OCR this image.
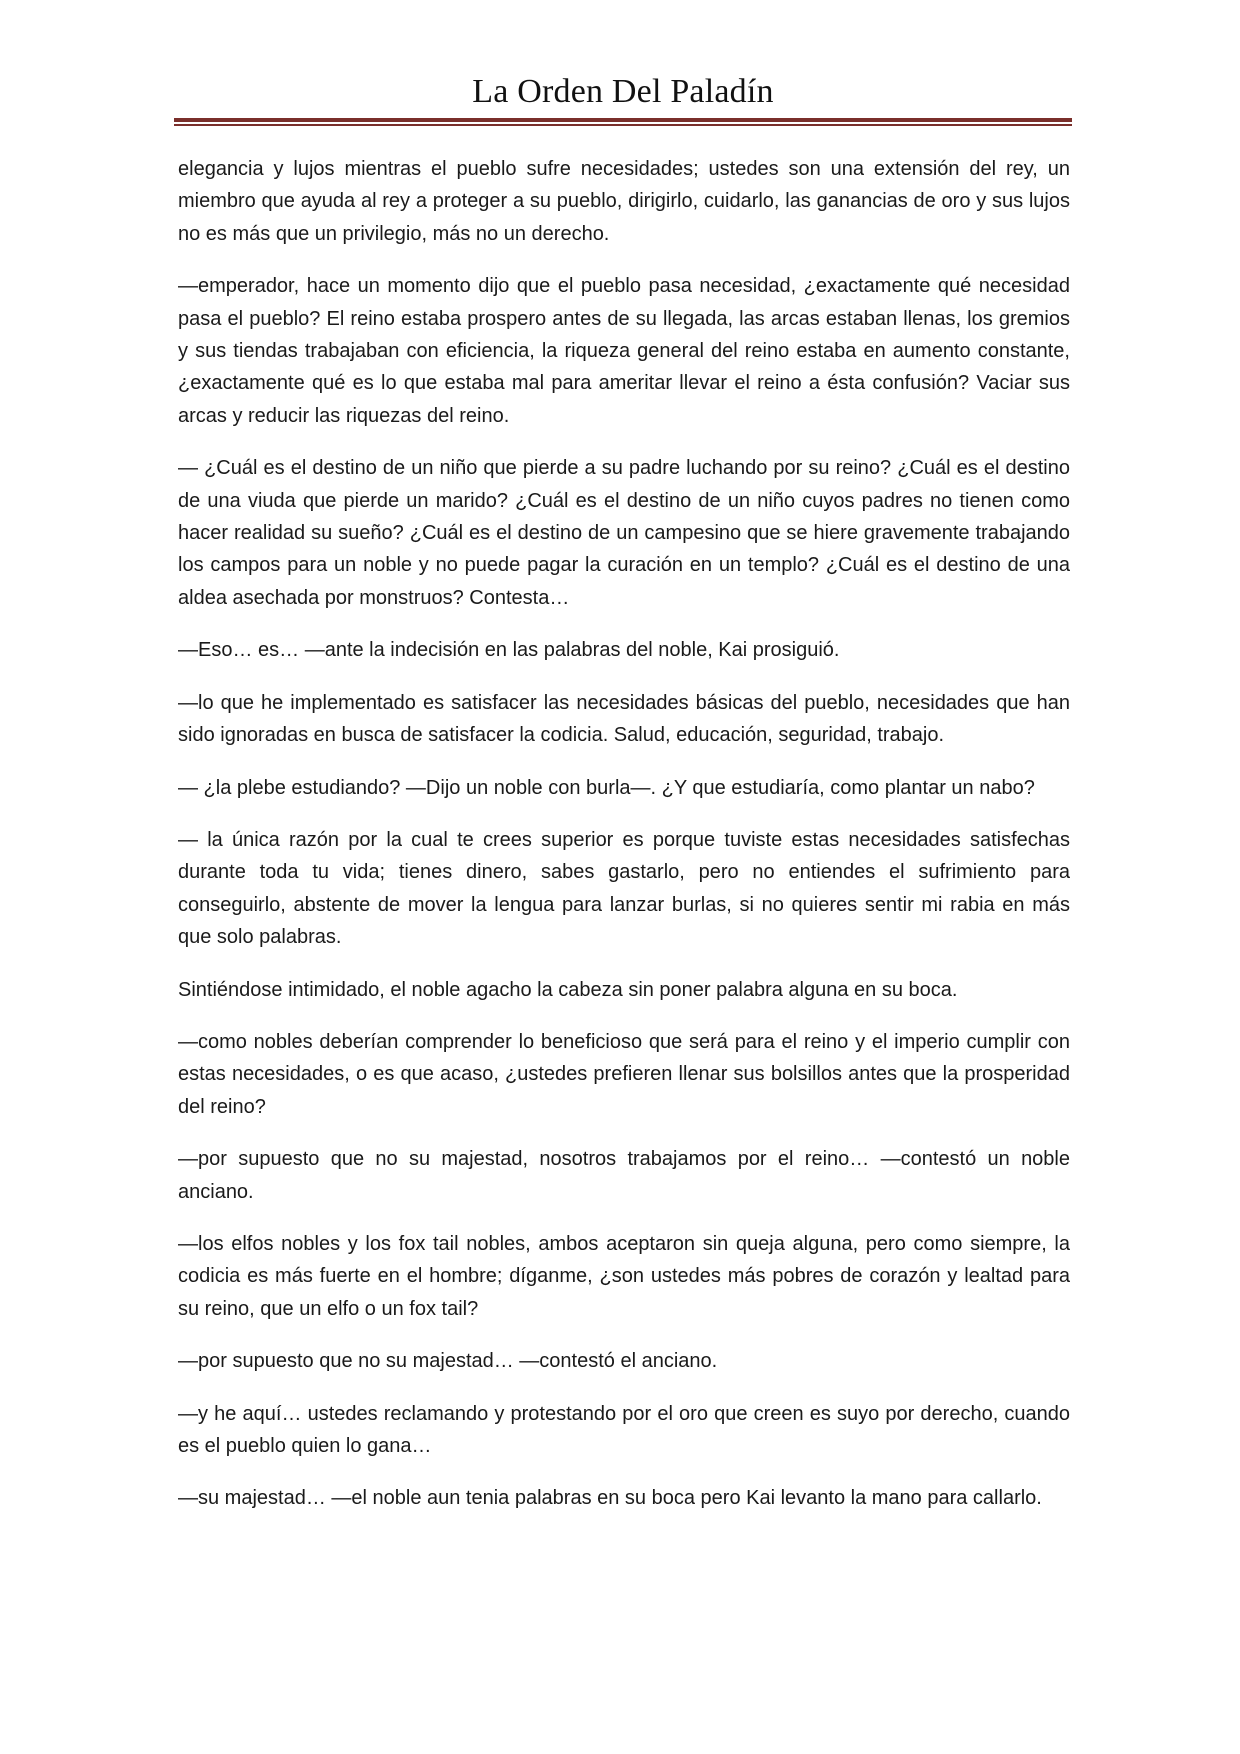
La Orden Del Paladín

elegancia y lujos mientras el pueblo sufre necesidades; ustedes son una extensión del rey, un miembro que ayuda al rey a proteger a su pueblo, dirigirlo, cuidarlo, las ganancias de oro y sus lujos no es más que un privilegio, más no un derecho.

—emperador, hace un momento dijo que el pueblo pasa necesidad, ¿exactamente qué necesidad pasa el pueblo? El reino estaba prospero antes de su llegada, las arcas estaban llenas, los gremios y sus tiendas trabajaban con eficiencia, la riqueza general del reino estaba en aumento constante, ¿exactamente qué es lo que estaba mal para ameritar llevar el reino a ésta confusión? Vaciar sus arcas y reducir las riquezas del reino.

— ¿Cuál es el destino de un niño que pierde a su padre luchando por su reino? ¿Cuál es el destino de una viuda que pierde un marido? ¿Cuál es el destino de un niño cuyos padres no tienen como hacer realidad su sueño? ¿Cuál es el destino de un campesino que se hiere gravemente trabajando los campos para un noble y no puede pagar la curación en un templo? ¿Cuál es el destino de una aldea asechada por monstruos? Contesta…

—Eso… es… —ante la indecisión en las palabras del noble, Kai prosiguió.

—lo que he implementado es satisfacer las necesidades básicas del pueblo, necesidades que han sido ignoradas en busca de satisfacer la codicia. Salud, educación, seguridad, trabajo.

— ¿la plebe estudiando? —Dijo un noble con burla—. ¿Y que estudiaría, como plantar un nabo?

— la única razón por la cual te crees superior es porque tuviste estas necesidades satisfechas durante toda tu vida; tienes dinero, sabes gastarlo, pero no entiendes el sufrimiento para conseguirlo, abstente de mover la lengua para lanzar burlas, si no quieres sentir mi rabia en más que solo palabras.

Sintiéndose intimidado, el noble agacho la cabeza sin poner palabra alguna en su boca.

—como nobles deberían comprender lo beneficioso que será para el reino y el imperio cumplir con estas necesidades, o es que acaso, ¿ustedes prefieren llenar sus bolsillos antes que la prosperidad del reino?

—por supuesto que no su majestad, nosotros trabajamos por el reino… —contestó un noble anciano.

—los elfos nobles y los fox tail nobles, ambos aceptaron sin queja alguna, pero como siempre, la codicia es más fuerte en el hombre; díganme, ¿son ustedes más pobres de corazón y lealtad para su reino, que un elfo o un fox tail?

—por supuesto que no su majestad… —contestó el anciano.

—y he aquí… ustedes reclamando y protestando por el oro que creen es suyo por derecho, cuando es el pueblo quien lo gana…

—su majestad… —el noble aun tenia palabras en su boca pero Kai levanto la mano para callarlo.
